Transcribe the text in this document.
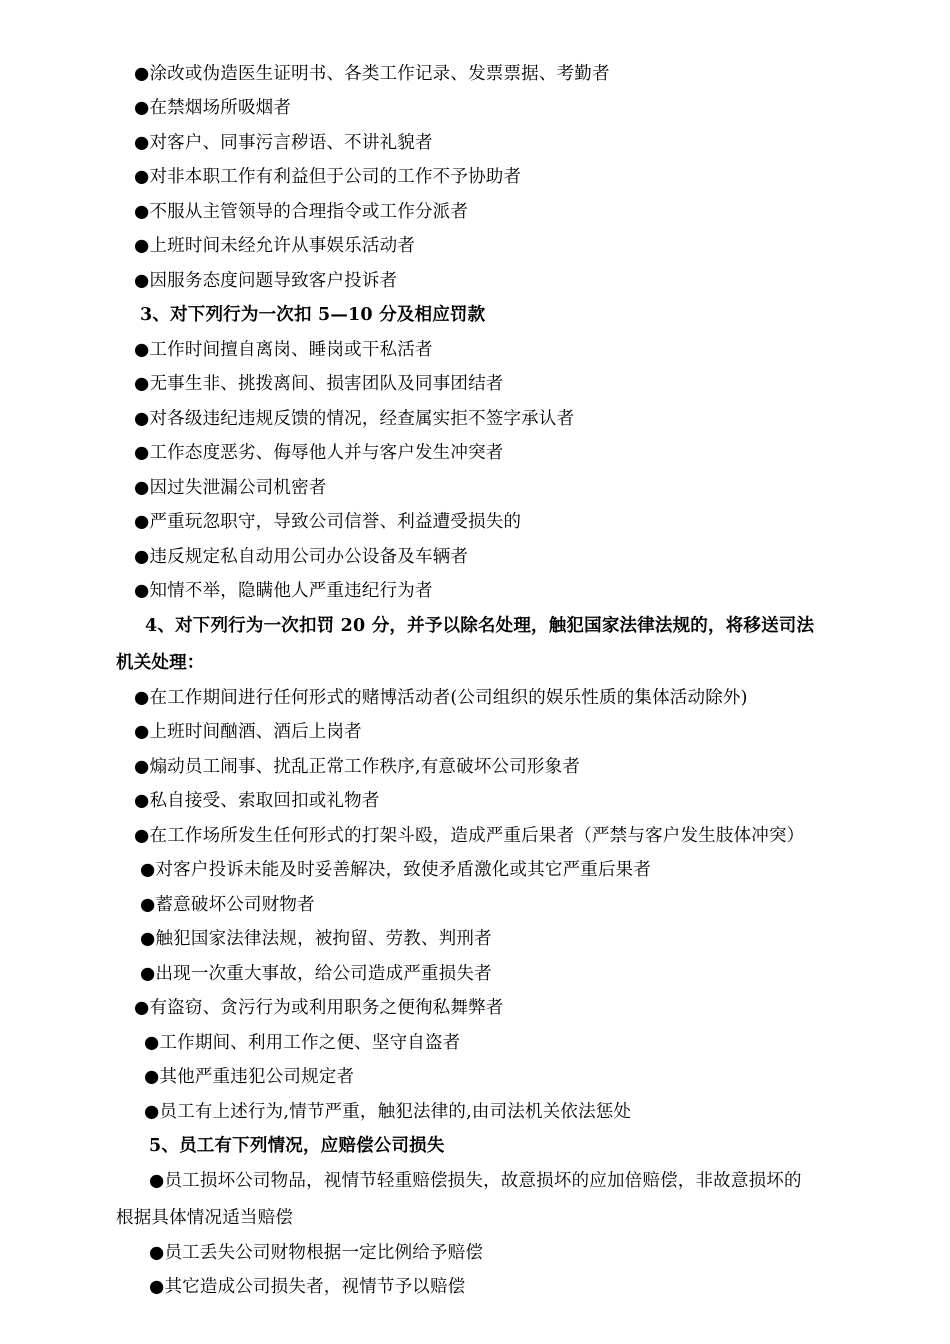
●涂改或伪造医生证明书、各类工作记录、发票票据、考勤者
●在禁烟场所吸烟者
●对客户、同事污言秽语、不讲礼貌者
●对非本职工作有利益但于公司的工作不予协助者
●不服从主管领导的合理指令或工作分派者
●上班时间未经允许从事娱乐活动者
●因服务态度问题导致客户投诉者
3、对下列行为一次扣 5—10 分及相应罚款
●工作时间擅自离岗、睡岗或干私活者
●无事生非、挑拨离间、损害团队及同事团结者
●对各级违纪违规反馈的情况，经查属实拒不签字承认者
●工作态度恶劣、侮辱他人并与客户发生冲突者
●因过失泄漏公司机密者
●严重玩忽职守，导致公司信誉、利益遭受损失的
●违反规定私自动用公司办公设备及车辆者
●知情不举，隐瞒他人严重违纪行为者
4、对下列行为一次扣罚 20 分，并予以除名处理，触犯国家法律法规的，将移送司法
机关处理：
●在工作期间进行任何形式的赌博活动者(公司组织的娱乐性质的集体活动除外)
●上班时间酗酒、酒后上岗者
●煽动员工闹事、扰乱正常工作秩序,有意破坏公司形象者
●私自接受、索取回扣或礼物者
●在工作场所发生任何形式的打架斗殴，造成严重后果者（严禁与客户发生肢体冲突）
●对客户投诉未能及时妥善解决，致使矛盾激化或其它严重后果者
●蓄意破坏公司财物者
●触犯国家法律法规，被拘留、劳教、判刑者
●出现一次重大事故，给公司造成严重损失者
●有盗窃、贪污行为或利用职务之便徇私舞弊者
●工作期间、利用工作之便、坚守自盗者
●其他严重违犯公司规定者
●员工有上述行为,情节严重，触犯法律的,由司法机关依法惩处
5、员工有下列情况，应赔偿公司损失
●员工损坏公司物品，视情节轻重赔偿损失，故意损坏的应加倍赔偿，非故意损坏的
根据具体情况适当赔偿
●员工丢失公司财物根据一定比例给予赔偿
●其它造成公司损失者，视情节予以赔偿
